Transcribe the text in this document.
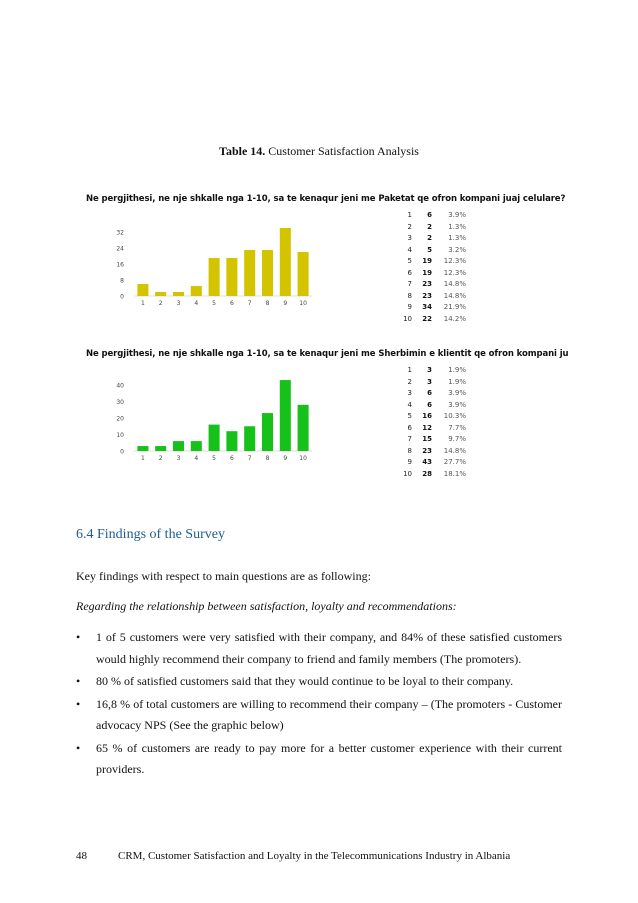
Table 14. Customer Satisfaction Analysis
Ne pergjithesi, ne nje shkalle nga 1-10, sa te kenaqur jeni me Paketat qe ofron kompani juaj celulare?
0
8
16
24
32
1 2 3 4 5 6 7 8 9 10
1	6	3.9%
2	2	1.3%
3	2	1.3%
4	5	3.2%
5	19	12.3%
6	19	12.3%
7	23	14.8%
8	23	14.8%
9	34	21.9%
10	22	14.2%
Ne pergjithesi, ne nje shkalle nga 1-10, sa te kenaqur jeni me Sherbimin e klientit qe ofron kompani ju
0
10
20
30
40
1 2 3 4 5 6 7 8 9 10
1	3	1.9%
2	3	1.9%
3	6	3.9%
4	6	3.9%
5	16	10.3%
6	12	7.7%
7	15	9.7%
8	23	14.8%
9	43	27.7%
10	28	18.1%
6.4 Findings of the Survey
Key findings with respect to main questions are as following:
Regarding the relationship between satisfaction, loyalty and recommendations:
• 1 of 5 customers were very satisfied with their company, and 84% of these satisfied customers would highly recommend their company to friend and family members (The promoters).
• 80 % of satisfied customers said that they would continue to be loyal to their company.
• 16,8 % of total customers are willing to recommend their company – (The promoters - Customer advocacy NPS (See the graphic below)
• 65 % of customers are ready to pay more for a better customer experience with their current providers.
48	CRM, Customer Satisfaction and Loyalty in the Telecommunications Industry in Albania
